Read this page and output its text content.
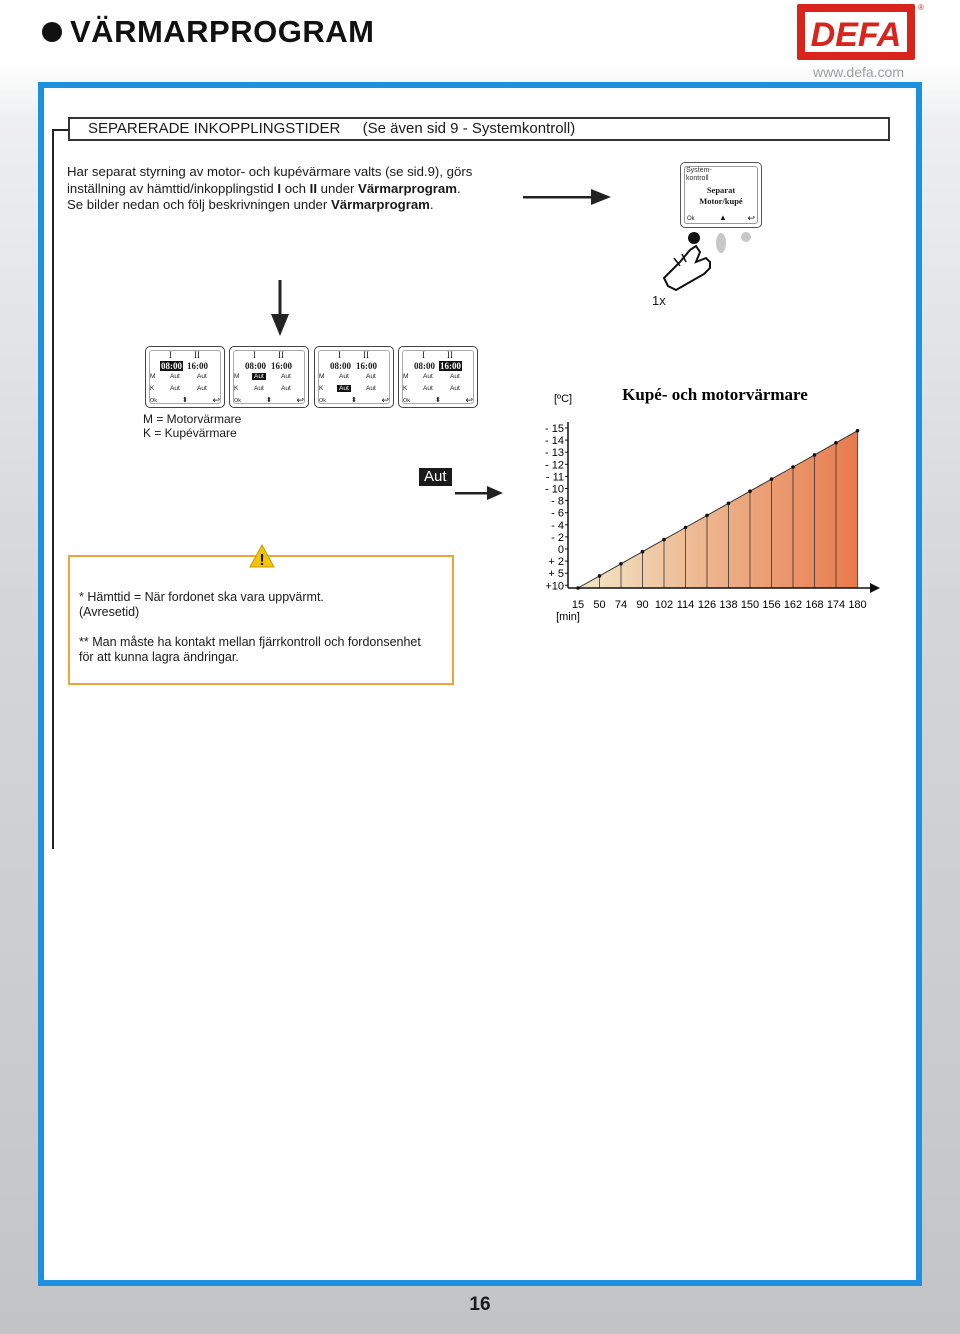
VÄRMARPROGRAM	DEFA
®
www.defa.com
SEPARERADE INKOPPLINGSTIDER (Se även sid 9 - Systemkontroll)
Har separat styrning av motor- och kupévärmare valts (se sid.9), görs
inställning av hämttid/inkopplingstid I och II under Värmarprogram.
Se bilder nedan och följ beskrivningen under Värmarprogram.
System-
kontroll
Separat
Motor/kupé
Ok	▲ ↩
1x
I II
08:00 16:00
M
K
Aut	Aut
Aut	Aut
Ok	⬍	↩
I II
08:00 16:00
M
K
Aut	Aut
Aut	Aut
Ok	⬍	↩
I II
08:00 16:00
M
K
Aut	Aut
Aut	Aut
Ok	⬍	↩
I II
08:00 16:00
M
K
Aut	Aut
Aut	Aut
Ok	⬍	↩
M = Motorvärmare
K = Kupévärmare
Aut
!
* Hämttid = När fordonet ska vara uppvärmt.
(Avresetid)
** Man måste ha kontakt mellan fjärrkontroll och fordonsenhet
för att kunna lagra ändringar.
[ºC]	Kupé- och motorvärmare
[min]
- 15
- 14
- 13
- 12
- 11
- 10
- 8
- 6
- 4
- 2
0
+ 2
+ 5
+10
15 50 74 90 102 114 126 138 150 156 162 168 174 180
16
